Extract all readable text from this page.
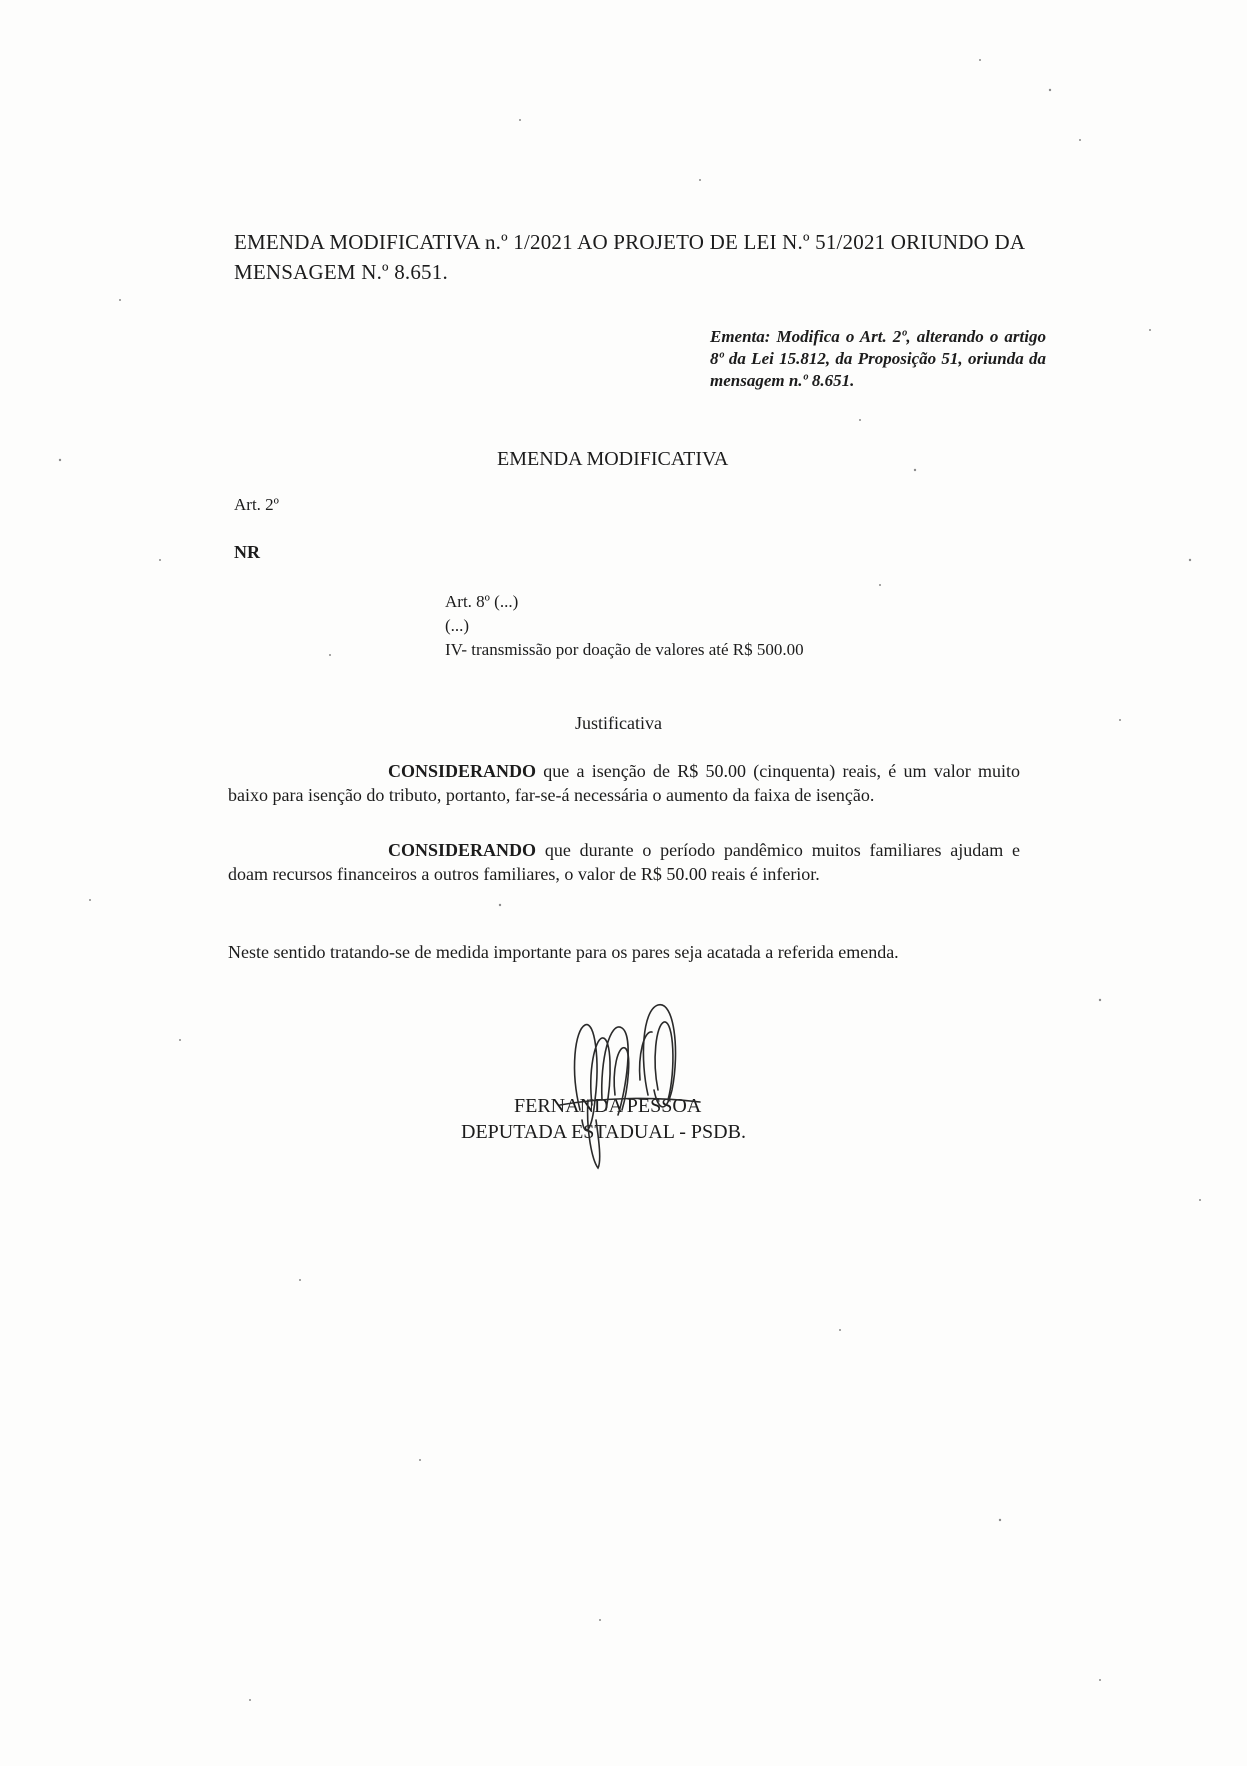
EMENDA MODIFICATIVA n.º 1/2021 AO PROJETO DE LEI N.º 51/2021 ORIUNDO DA MENSAGEM N.º 8.651.
Ementa: Modifica o Art. 2º, alterando o artigo 8º da Lei 15.812, da Proposição 51, oriunda da mensagem n.º 8.651.
EMENDA MODIFICATIVA
Art. 2º
NR
Art. 8º (...)
(...)
IV- transmissão por doação de valores até R$ 500.00
Justificativa
CONSIDERANDO que a isenção de R$ 50.00 (cinquenta) reais, é um valor muito baixo para isenção do tributo, portanto, far-se-á necessária o aumento da faixa de isenção.
CONSIDERANDO que durante o período pandêmico muitos familiares ajudam e doam recursos financeiros a outros familiares, o valor de R$ 50.00 reais é inferior.
Neste sentido tratando-se de medida importante para os pares seja acatada a referida emenda.
FERNANDA PESSOA
DEPUTADA ESTADUAL - PSDB.
